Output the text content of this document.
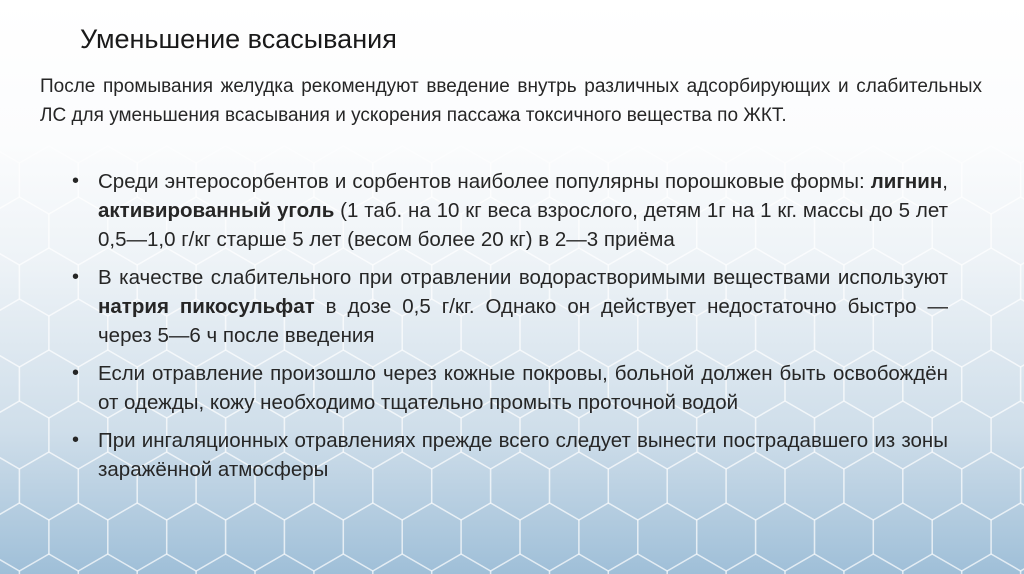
Уменьшение всасывания

После промывания желудка рекомендуют введение внутрь различных адсорбирующих и слабительных ЛС для уменьшения всасывания и ускорения пассажа токсичного вещества по ЖКТ.

• Среди энтеросорбентов и сорбентов наиболее популярны порошковые формы: лигнин, активированный уголь (1 таб. на 10 кг веса взрослого, детям 1г на 1 кг. массы до 5 лет 0,5—1,0 г/кг старше 5 лет (весом более 20 кг) в 2—3 приёма
• В качестве слабительного при отравлении водорастворимыми веществами используют натрия пикосульфат в дозе 0,5 г/кг. Однако он действует недостаточно быстро — через 5—6 ч после введения
• Если отравление произошло через кожные покровы, больной должен быть освобождён от одежды, кожу необходимо тщательно промыть проточной водой
• При ингаляционных отравлениях прежде всего следует вынести пострадавшего из зоны заражённой атмосферы
